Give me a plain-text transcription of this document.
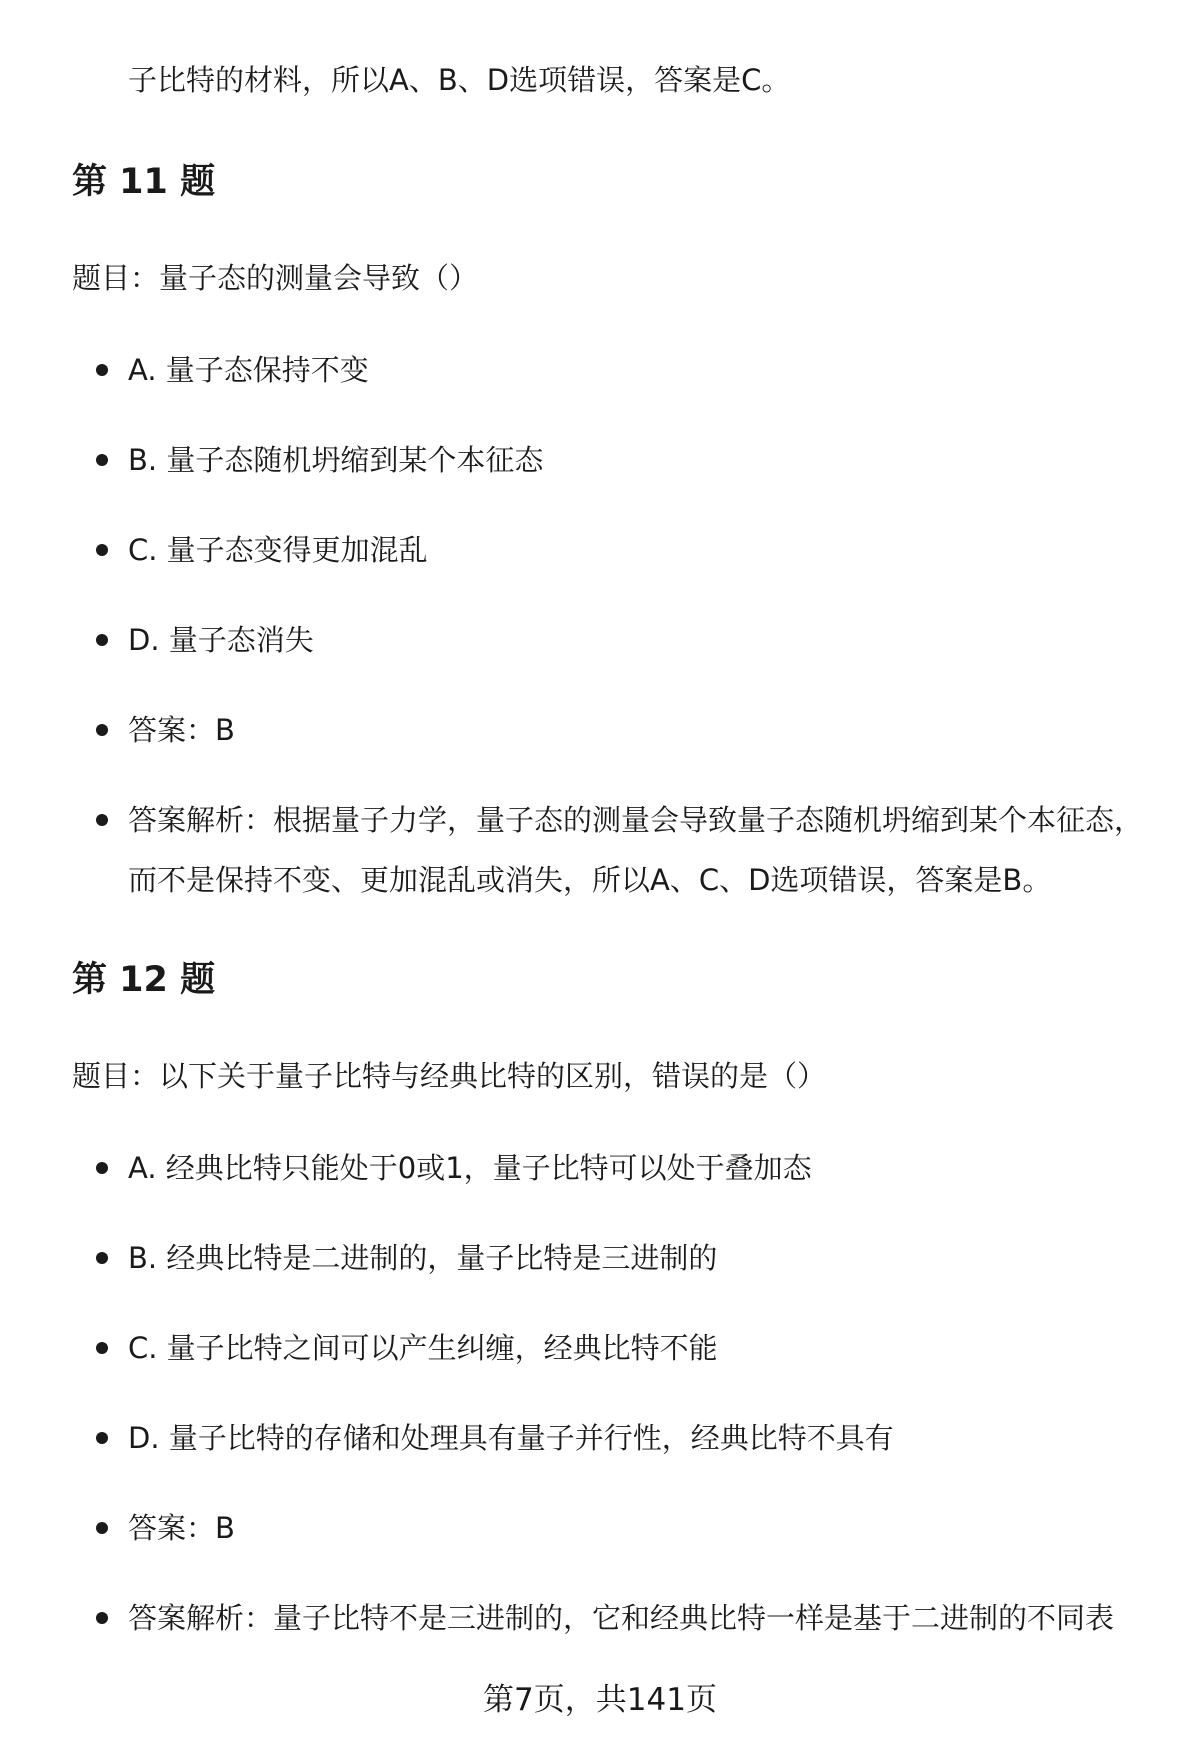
子比特的材料，所以A、B、D选项错误，答案是C。
第 11 题
题目：量子态的测量会导致（）
A. 量子态保持不变
B. 量子态随机坍缩到某个本征态
C. 量子态变得更加混乱
D. 量子态消失
答案：B
答案解析：根据量子力学，量子态的测量会导致量子态随机坍缩到某个本征态，而不是保持不变、更加混乱或消失，所以A、C、D选项错误，答案是B。
第 12 题
题目：以下关于量子比特与经典比特的区别，错误的是（）
A. 经典比特只能处于0或1，量子比特可以处于叠加态
B. 经典比特是二进制的，量子比特是三进制的
C. 量子比特之间可以产生纠缠，经典比特不能
D. 量子比特的存储和处理具有量子并行性，经典比特不具有
答案：B
答案解析：量子比特不是三进制的，它和经典比特一样是基于二进制的不同表
第7页，共141页
